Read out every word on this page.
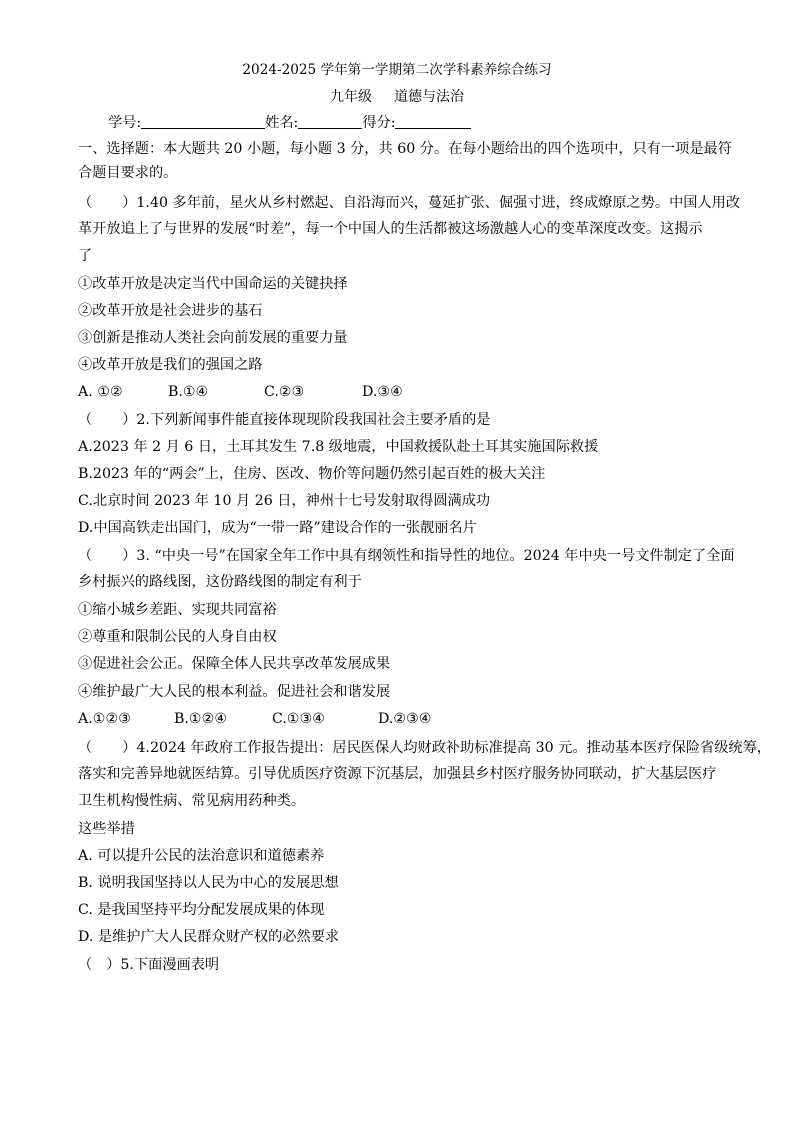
2024-2025 学年第一学期第二次学科素养综合练习
九年级 道德与法治
学号:	姓名:	得分:
一、选择题：本大题共 20 小题，每小题 3 分，共 60 分。在每小题给出的四个选项中，只有一项是最符
合题目要求的。
（ ）1.40 多年前，星火从乡村燃起、自沿海而兴，蔓延扩张、倔强寸进，终成燎原之势。中国人用改
革开放追上了与世界的发展“时差”，每一个中国人的生活都被这场激越人心的变革深度改变。这揭示
了
①改革开放是决定当代中国命运的关键抉择
②改革开放是社会进步的基石
③创新是推动人类社会向前发展的重要力量
④改革开放是我们的强国之路
A. ①②	B.①④	C.②③	D.③④
（ ）2.下列新闻事件能直接体现现阶段我国社会主要矛盾的是
A.2023 年 2 月 6 日，土耳其发生 7.8 级地震，中国救援队赴土耳其实施国际救援
B.2023 年的“两会”上，住房、医改、物价等问题仍然引起百姓的极大关注
C.北京时间 2023 年 10 月 26 日，神州十七号发射取得圆满成功
D.中国高铁走出国门，成为“一带一路”建设合作的一张靓丽名片
（ ）3. “中央一号”在国家全年工作中具有纲领性和指导性的地位。2024 年中央一号文件制定了全面
乡村振兴的路线图，这份路线图的制定有利于
①缩小城乡差距、实现共同富裕
②尊重和限制公民的人身自由权
③促进社会公正。保障全体人民共享改革发展成果
④维护最广大人民的根本利益。促进社会和谐发展
A.①②③	B.①②④	C.①③④	D.②③④
（ ）4.2024 年政府工作报告提出：居民医保人均财政补助标准提高 30 元。推动基本医疗保险省级统筹，
落实和完善异地就医结算。引导优质医疗资源下沉基层，加强县乡村医疗服务协同联动，扩大基层医疗
卫生机构慢性病、常见病用药种类。
这些举措
A. 可以提升公民的法治意识和道德素养
B. 说明我国坚持以人民为中心的发展思想
C. 是我国坚持平均分配发展成果的体现
D. 是维护广大人民群众财产权的必然要求
（ ）5.下面漫画表明
